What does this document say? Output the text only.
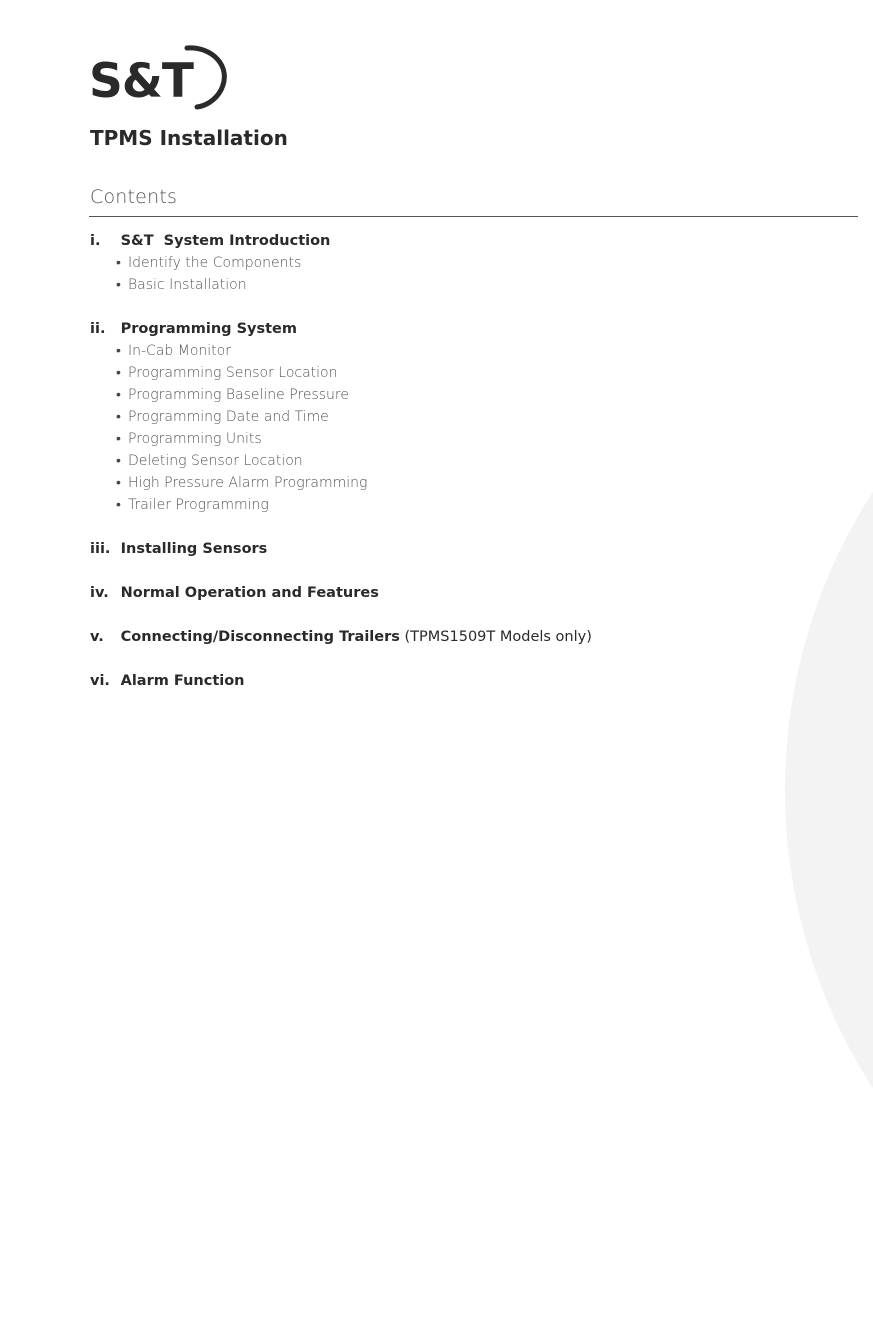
S&T
TPMS Installation
Contents
i. S&T  System Introduction
• Identify the Components
• Basic Installation
ii. Programming System
• In-Cab Monitor
• Programming Sensor Location
• Programming Baseline Pressure
• Programming Date and Time
• Programming Units
• Deleting Sensor Location
• High Pressure Alarm Programming
• Trailer Programming
iii. Installing Sensors
iv. Normal Operation and Features
v. Connecting/Disconnecting Trailers (TPMS1509T Models only)
vi. Alarm Function
